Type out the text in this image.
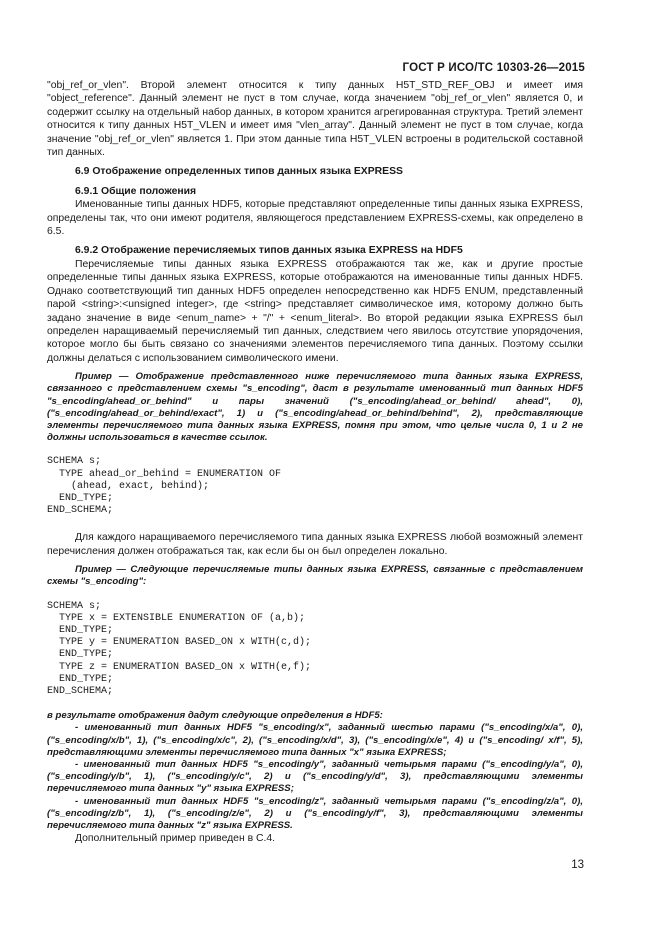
ГОСТ Р ИСО/ТС 10303-26—2015

"obj_ref_or_vlen". Второй элемент относится к типу данных H5T_STD_REF_OBJ и имеет имя "object_reference". Данный элемент не пуст в том случае, когда значением "obj_ref_or_vlen" является 0, и содержит ссылку на отдельный набор данных, в котором хранится агрегированная структура. Третий элемент относится к типу данных H5T_VLEN и имеет имя "vlen_array". Данный элемент не пуст в том случае, когда значение "obj_ref_or_vlen" является 1. При этом данные типа H5T_VLEN встроены в родительской составной тип данных.

6.9 Отображение определенных типов данных языка EXPRESS

6.9.1 Общие положения

Именованные типы данных HDF5, которые представляют определенные типы данных языка EXPRESS, определены так, что они имеют родителя, являющегося представлением EXPRESS-схемы, как определено в 6.5.

6.9.2 Отображение перечисляемых типов данных языка EXPRESS на HDF5

Перечисляемые типы данных языка EXPRESS отображаются так же, как и другие простые определенные типы данных языка EXPRESS, которые отображаются на именованные типы данных HDF5. Однако соответствующий тип данных HDF5 определен непосредственно как HDF5 ENUM, представленный парой <string>:<unsigned integer>, где <string> представляет символическое имя, которому должно быть задано значение в виде <enum_name> + "/" + <enum_literal>. Во второй редакции языка EXPRESS был определен наращиваемый перечисляемый тип данных, следствием чего явилось отсутствие упорядочения, которое могло бы быть связано со значениями элементов перечисляемого типа данных. Поэтому ссылки должны делаться с использованием символического имени.

Пример — Отображение представленного ниже перечисляемого типа данных языка EXPRESS, связанного с представлением схемы "s_encoding", даст в результате именованный тип данных HDF5 "s_encoding/ahead_or_behind" и пары значений ("s_encoding/ahead_or_behind/ ahead", 0), ("s_encoding/ahead_or_behind/exact", 1) и ("s_encoding/ahead_or_behind/behind", 2), представляющие элементы перечисляемого типа данных языка EXPRESS, помня при этом, что целые числа 0, 1 и 2 не должны использоваться в качестве ссылок.

SCHEMA s;
TYPE ahead_or_behind = ENUMERATION OF
(ahead, exact, behind);
END_TYPE;
END_SCHEMA;

Для каждого наращиваемого перечисляемого типа данных языка EXPRESS любой возможный элемент перечисления должен отображаться так, как если бы он был определен локально.

Пример — Следующие перечисляемые типы данных языка EXPRESS, связанные с представлением схемы "s_encoding":

SCHEMA s;
TYPE x = EXTENSIBLE ENUMERATION OF (a,b);
END_TYPE;
TYPE y = ENUMERATION BASED_ON x WITH(c,d);
END_TYPE;
TYPE z = ENUMERATION BASED_ON x WITH(e,f);
END_TYPE;
END_SCHEMA;

в результате отображения дадут следующие определения в HDF5:

- именованный тип данных HDF5 "s_encoding/x", заданный шестью парами ("s_encoding/x/a", 0), ("s_encoding/x/b", 1), ("s_encoding/x/c", 2), ("s_encoding/x/d", 3), ("s_encoding/x/e", 4) и ("s_encoding/ x/f", 5), представляющими элементы перечисляемого типа данных "x" языка EXPRESS;

- именованный тип данных HDF5 "s_encoding/y", заданный четырьмя парами ("s_encoding/y/a", 0), ("s_encoding/y/b", 1), ("s_encoding/y/c", 2) и ("s_encoding/y/d", 3), представляющими элементы перечисляемого типа данных "y" языка EXPRESS;

- именованный тип данных HDF5 "s_encoding/z", заданный четырьмя парами ("s_encoding/z/a", 0), ("s_encoding/z/b", 1), ("s_encoding/z/e", 2) и ("s_encoding/y/f", 3), представляющими элементы перечисляемого типа данных "z" языка EXPRESS.

Дополнительный пример приведен в С.4.

13
